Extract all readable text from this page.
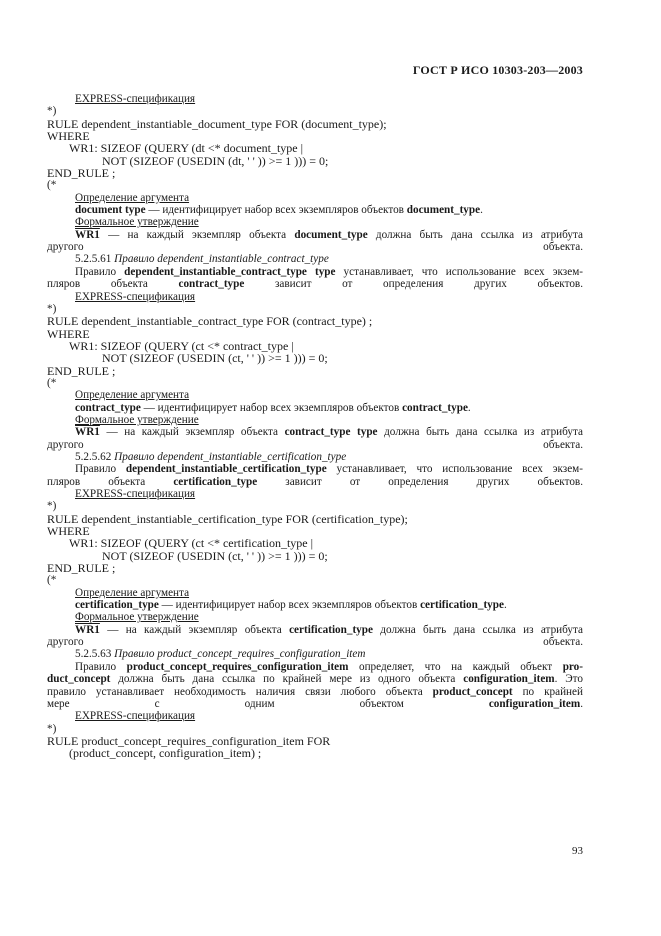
ГОСТ Р ИСО 10303-203—2003
EXPRESS-спецификация
*)
RULE dependent_instantiable_document_type FOR (document_type);
WHERE
WR1: SIZEOF (QUERY (dt <* document_type |
NOT (SIZEOF (USEDIN (dt, ' ' )) >= 1 ))) = 0;
END_RULE ;
(*
Определение аргумента
document type — идентифицирует набор всех экземпляров объектов document_type.
Формальное утверждение
WR1 — на каждый экземпляр объекта document_type должна быть дана ссылка из атрибута
другого объекта.
5.2.5.61 Правило dependent_instantiable_contract_type
Правило dependent_instantiable_contract_type type устанавливает, что использование всех экзем-
пляров объекта contract_type зависит от определения других объектов.
EXPRESS-спецификация
*)
RULE dependent_instantiable_contract_type FOR (contract_type) ;
WHERE
WR1: SIZEOF (QUERY (ct <* contract_type |
NOT (SIZEOF (USEDIN (ct, ' ' )) >= 1 ))) = 0;
END_RULE ;
(*
Определение аргумента
contract_type — идентифицирует набор всех экземпляров объектов contract_type.
Формальное утверждение
WR1 — на каждый экземпляр объекта contract_type type должна быть дана ссылка из атрибута
другого объекта.
5.2.5.62 Правило dependent_instantiable_certification_type
Правило dependent_instantiable_certification_type устанавливает, что использование всех экзем-
пляров объекта certification_type зависит от определения других объектов.
EXPRESS-спецификация
*)
RULE dependent_instantiable_certification_type FOR (certification_type);
WHERE
WR1: SIZEOF (QUERY (ct <* certification_type |
NOT (SIZEOF (USEDIN (ct, ' ' )) >= 1 ))) = 0;
END_RULE ;
(*
Определение аргумента
certification_type — идентифицирует набор всех экземпляров объектов certification_type.
Формальное утверждение
WR1 — на каждый экземпляр объекта certification_type должна быть дана ссылка из атрибута
другого объекта.
5.2.5.63 Правило product_concept_requires_configuration_item
Правило product_concept_requires_configuration_item определяет, что на каждый объект pro-
duct_concept должна быть дана ссылка по крайней мере из одного объекта configuration_item. Это
правило устанавливает необходимость наличия связи любого объекта product_concept по крайней
мере с одним объектом configuration_item.
EXPRESS-спецификация
*)
RULE product_concept_requires_configuration_item FOR
(product_concept, configuration_item) ;
93
